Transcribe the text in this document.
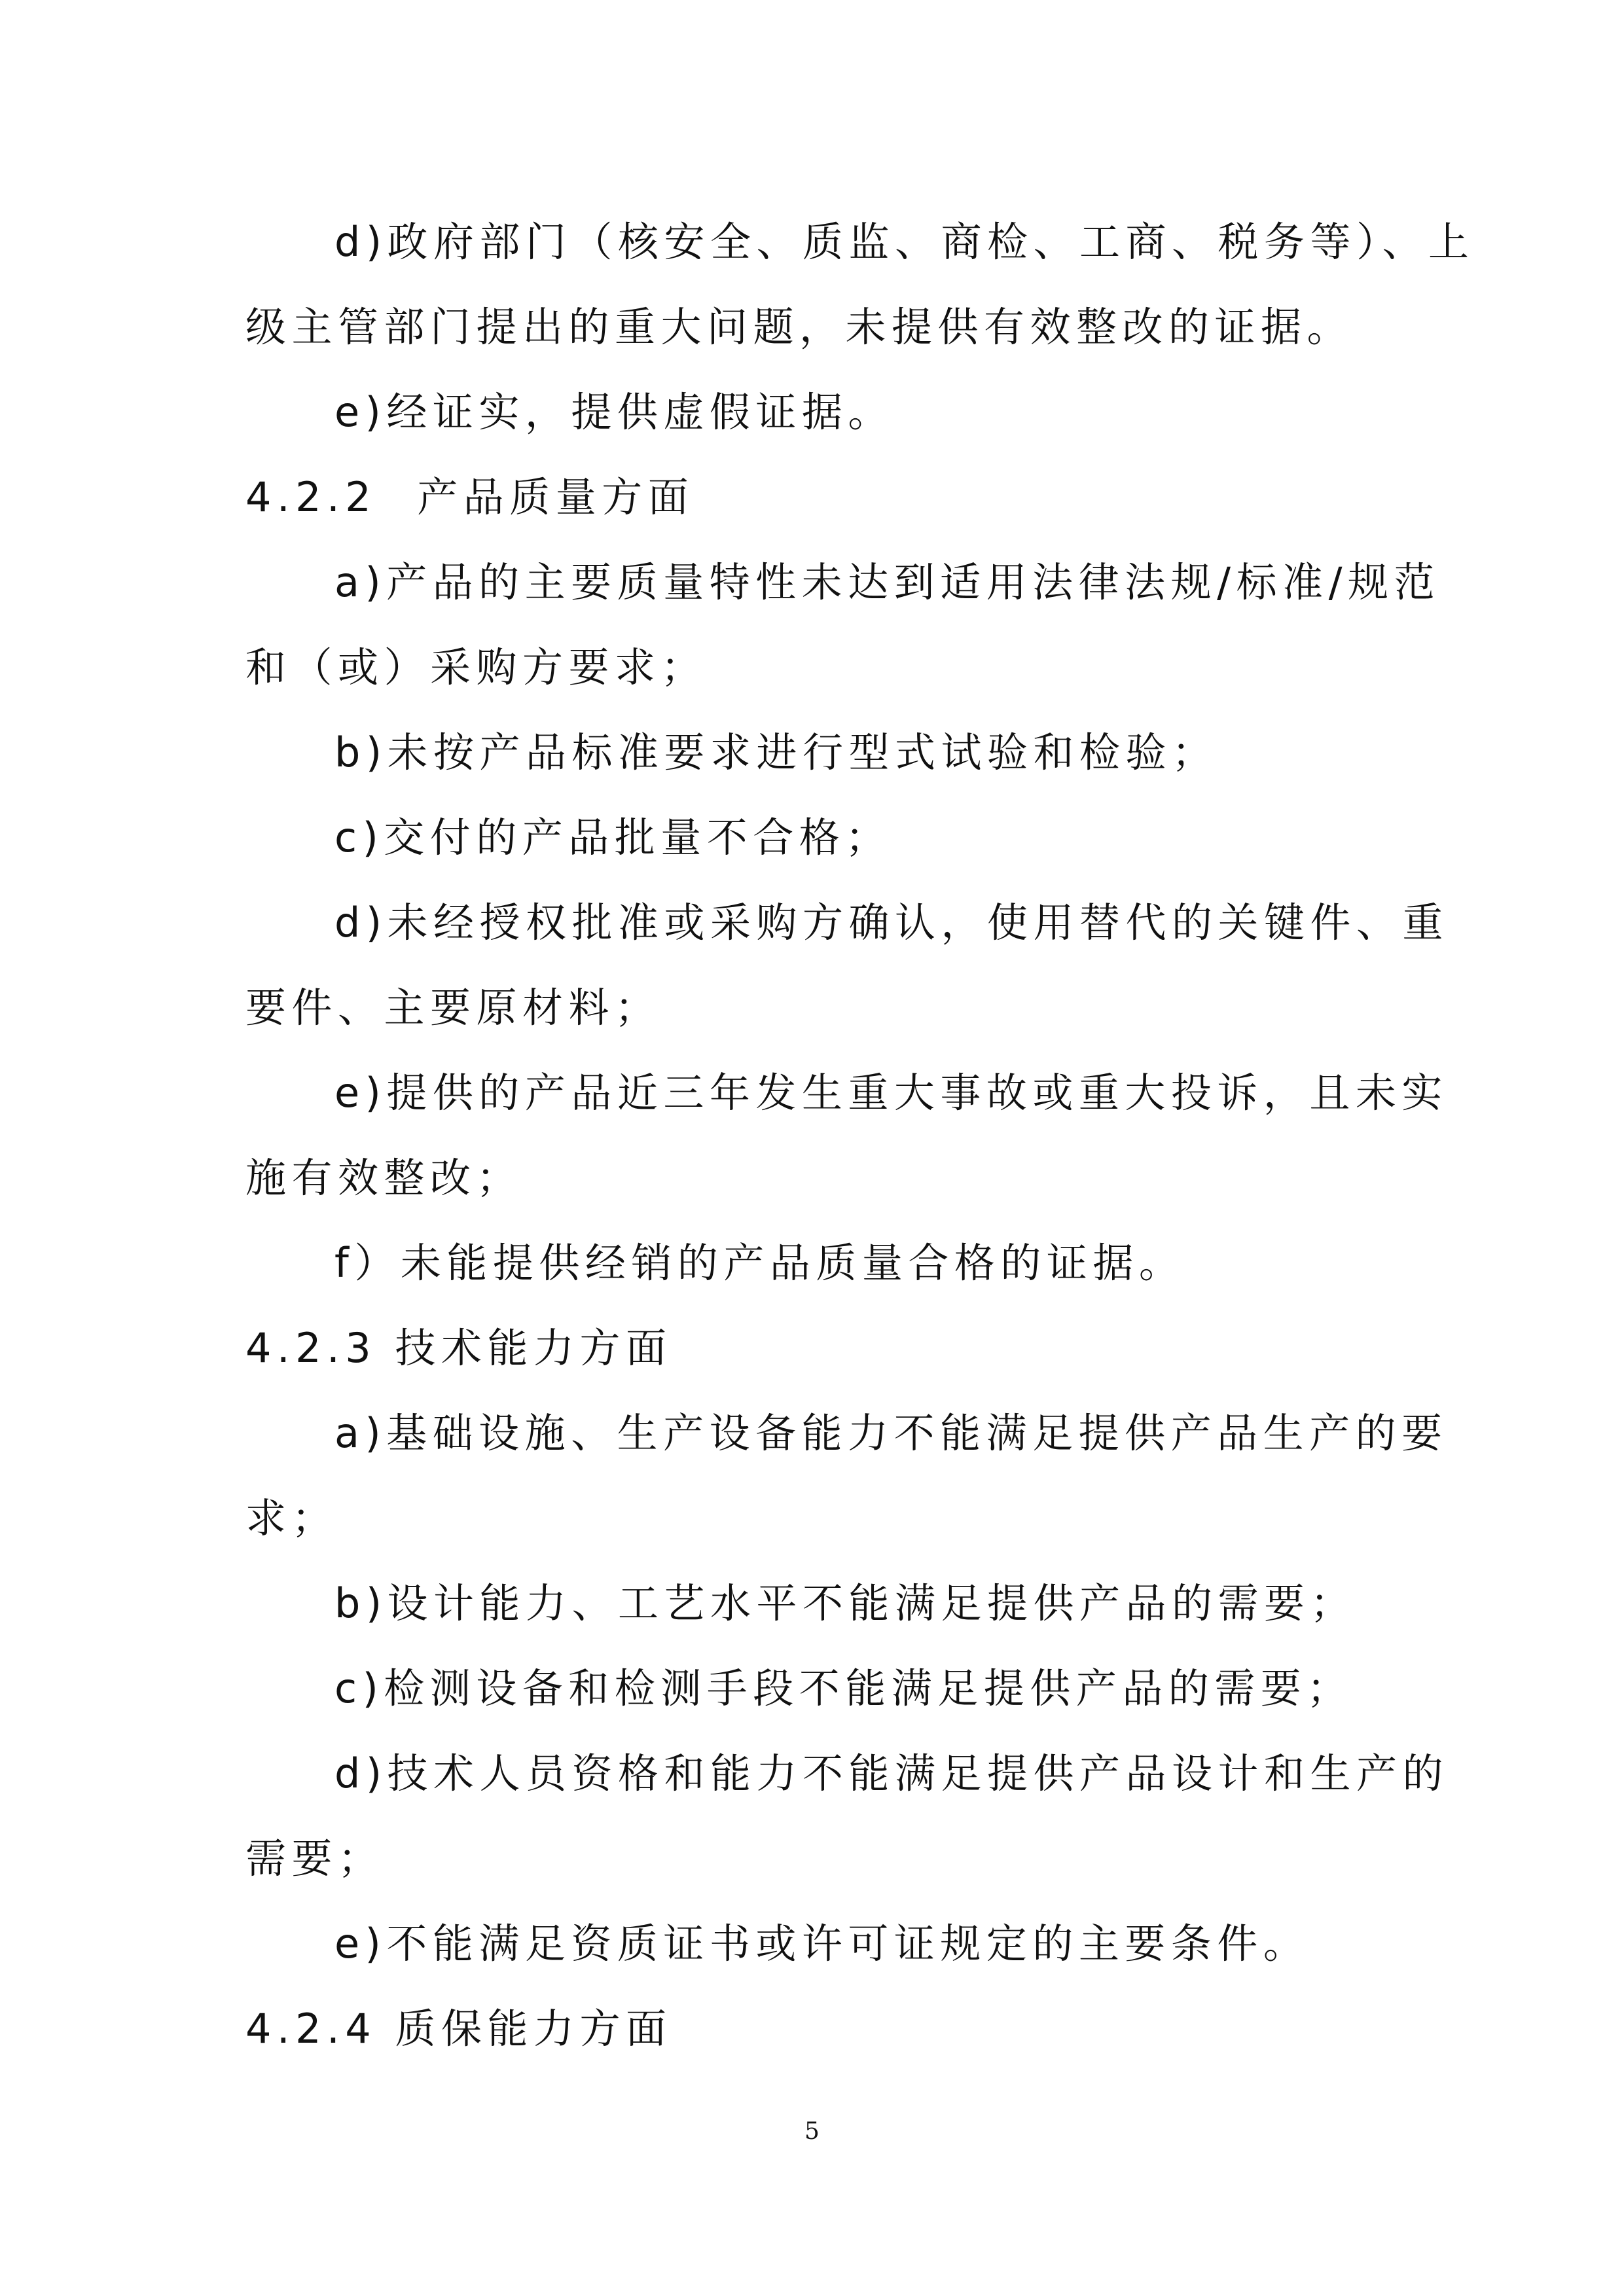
d)政府部门（核安全、质监、商检、工商、税务等）、上
级主管部门提出的重大问题，未提供有效整改的证据。
e)经证实，提供虚假证据。
4.2.2 产品质量方面
a)产品的主要质量特性未达到适用法律法规/标准/规范
和（或）采购方要求；
b)未按产品标准要求进行型式试验和检验；
c)交付的产品批量不合格；
d)未经授权批准或采购方确认，使用替代的关键件、重
要件、主要原材料；
e)提供的产品近三年发生重大事故或重大投诉，且未实
施有效整改；
f）未能提供经销的产品质量合格的证据。
4.2.3 技术能力方面
a)基础设施、生产设备能力不能满足提供产品生产的要
求；
b)设计能力、工艺水平不能满足提供产品的需要；
c)检测设备和检测手段不能满足提供产品的需要；
d)技术人员资格和能力不能满足提供产品设计和生产的
需要；
e)不能满足资质证书或许可证规定的主要条件。
4.2.4 质保能力方面
5
